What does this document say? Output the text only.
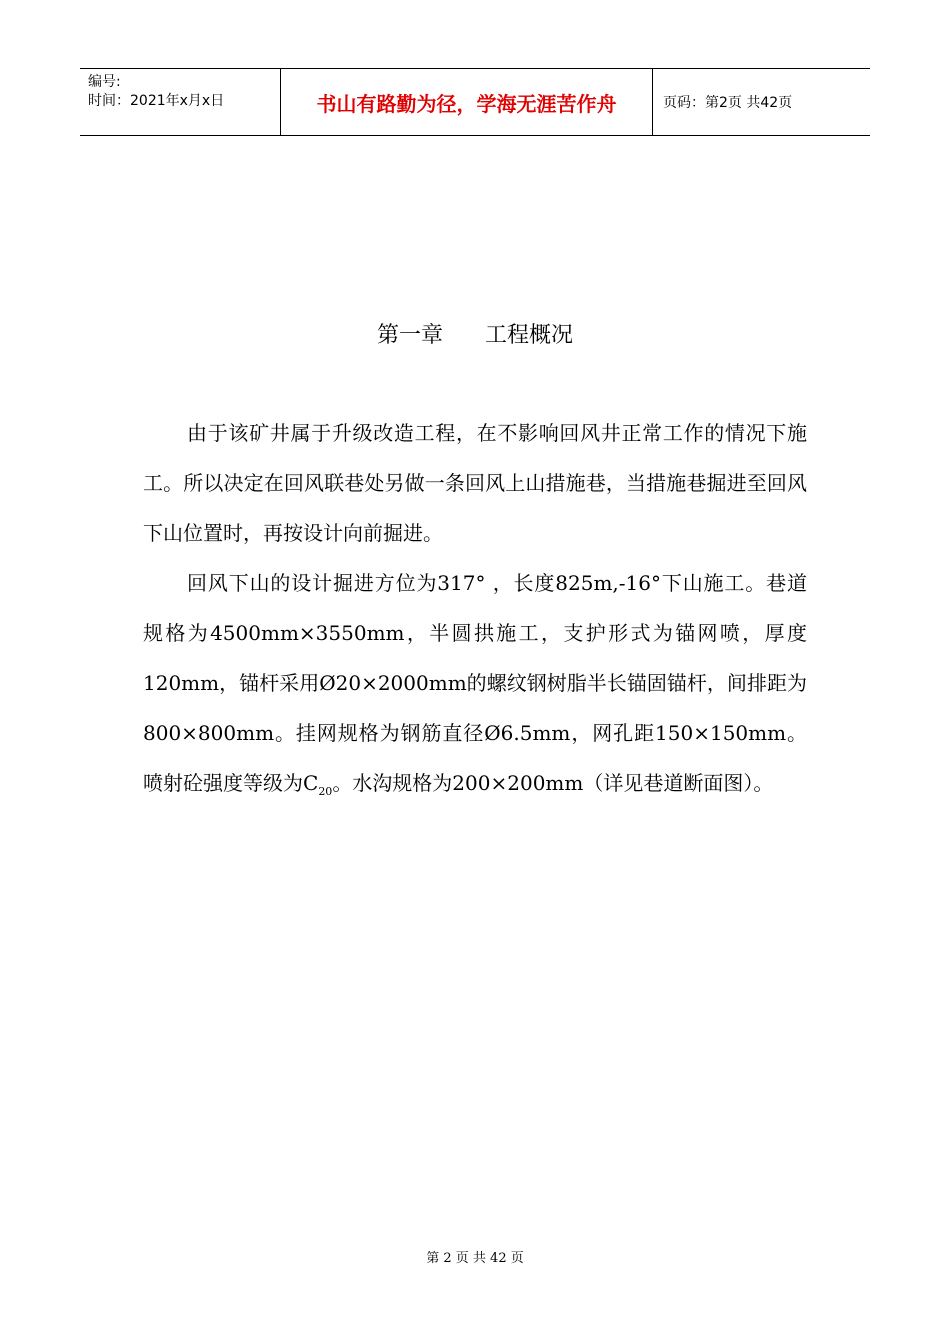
编号:
时间：2021年x月x日	书山有路勤为径，学海无涯苦作舟	页码：第2页 共42页
第一章      工程概况

由于该矿井属于升级改造工程，在不影响回风井正常工作的情况下施工。所以决定在回风联巷处另做一条回风上山措施巷，当措施巷掘进至回风下山位置时，再按设计向前掘进。

回风下山的设计掘进方位为317° ，长度825m,-16°下山施工。巷道规格为4500mm×3550mm，半圆拱施工，支护形式为锚网喷，厚度120mm，锚杆采用Ø20×2000mm的螺纹钢树脂半长锚固锚杆，间排距为800×800mm。挂网规格为钢筋直径Ø6.5mm，网孔距150×150mm。喷射砼强度等级为$C_{20}$。水沟规格为200×200mm（详见巷道断面图）。

第 2 页 共 42 页
